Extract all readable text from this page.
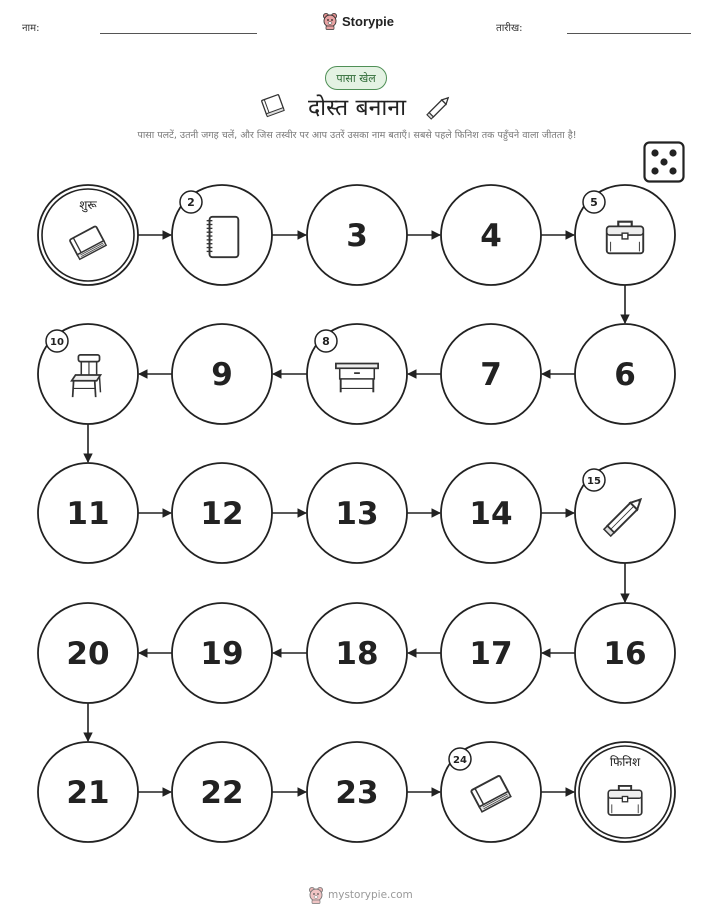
नाम:	Storypie	तारीख:
पासा खेल
दोस्त बनाना
पासा पलटें, उतनी जगह चलें, और जिस तस्वीर पर आप उतरें उसका नाम बताएँ। सबसे पहले फिनिश तक पहुँचने वाला जीतता है!
शुरू	2
3	4
5
6
7
8
9
10
11	12	13	14
15
16
17
18
19
20
21	22	23
24	फिनिश
mystorypie.com
